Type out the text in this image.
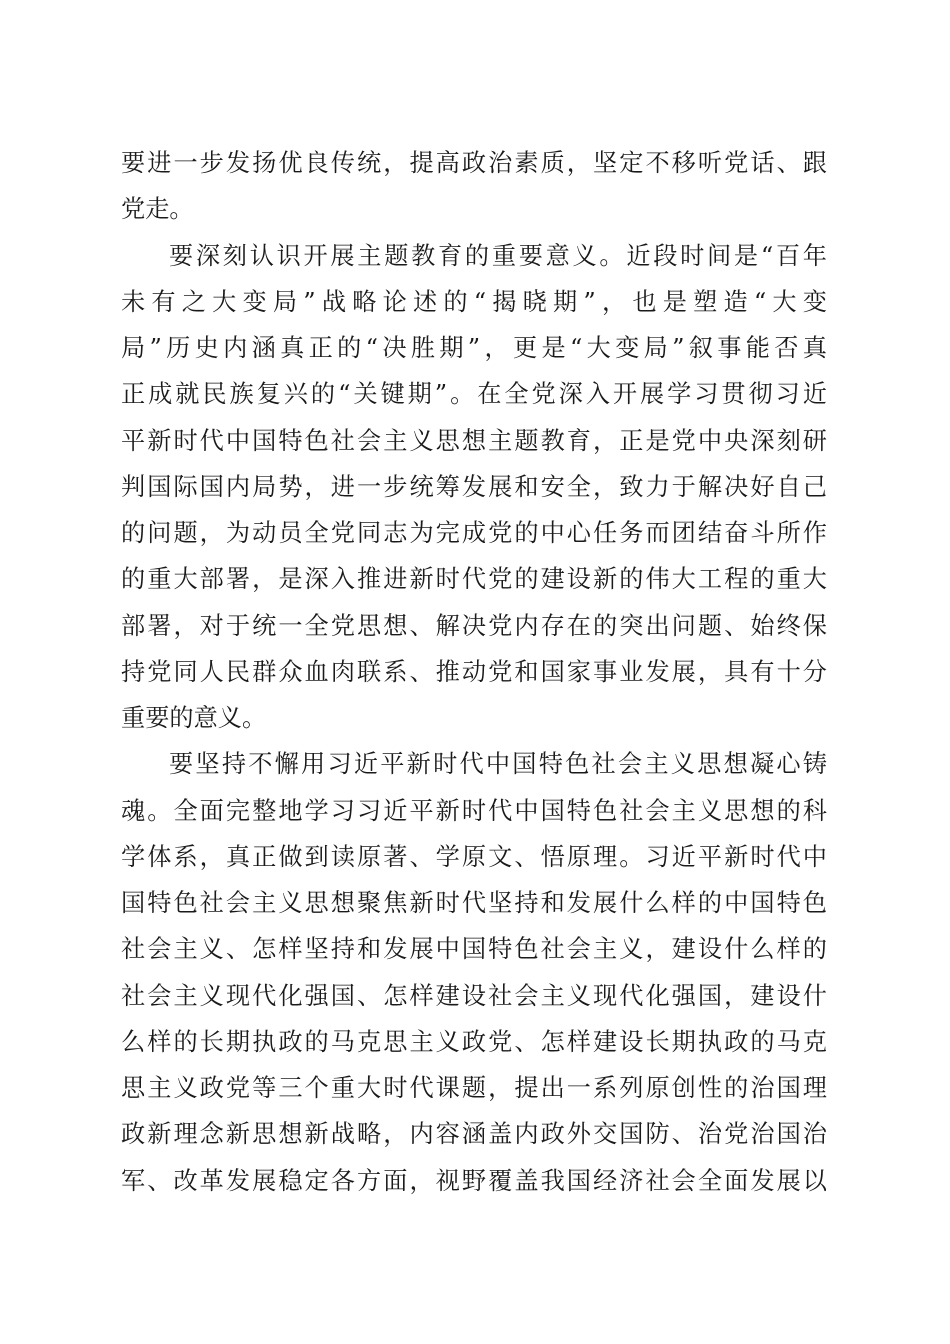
要进一步发扬优良传统，提高政治素质，坚定不移听党话、跟
党走。
要深刻认识开展主题教育的重要意义。近段时间是“百年
未有之大变局”战略论述的“揭晓期”，也是塑造“大变
局”历史内涵真正的“决胜期”，更是“大变局”叙事能否真
正成就民族复兴的“关键期”。在全党深入开展学习贯彻习近
平新时代中国特色社会主义思想主题教育，正是党中央深刻研
判国际国内局势，进一步统筹发展和安全，致力于解决好自己
的问题，为动员全党同志为完成党的中心任务而团结奋斗所作
的重大部署，是深入推进新时代党的建设新的伟大工程的重大
部署，对于统一全党思想、解决党内存在的突出问题、始终保
持党同人民群众血肉联系、推动党和国家事业发展，具有十分
重要的意义。
要坚持不懈用习近平新时代中国特色社会主义思想凝心铸
魂。全面完整地学习习近平新时代中国特色社会主义思想的科
学体系，真正做到读原著、学原文、悟原理。习近平新时代中
国特色社会主义思想聚焦新时代坚持和发展什么样的中国特色
社会主义、怎样坚持和发展中国特色社会主义，建设什么样的
社会主义现代化强国、怎样建设社会主义现代化强国，建设什
么样的长期执政的马克思主义政党、怎样建设长期执政的马克
思主义政党等三个重大时代课题，提出一系列原创性的治国理
政新理念新思想新战略，内容涵盖内政外交国防、治党治国治
军、改革发展稳定各方面，视野覆盖我国经济社会全面发展以
